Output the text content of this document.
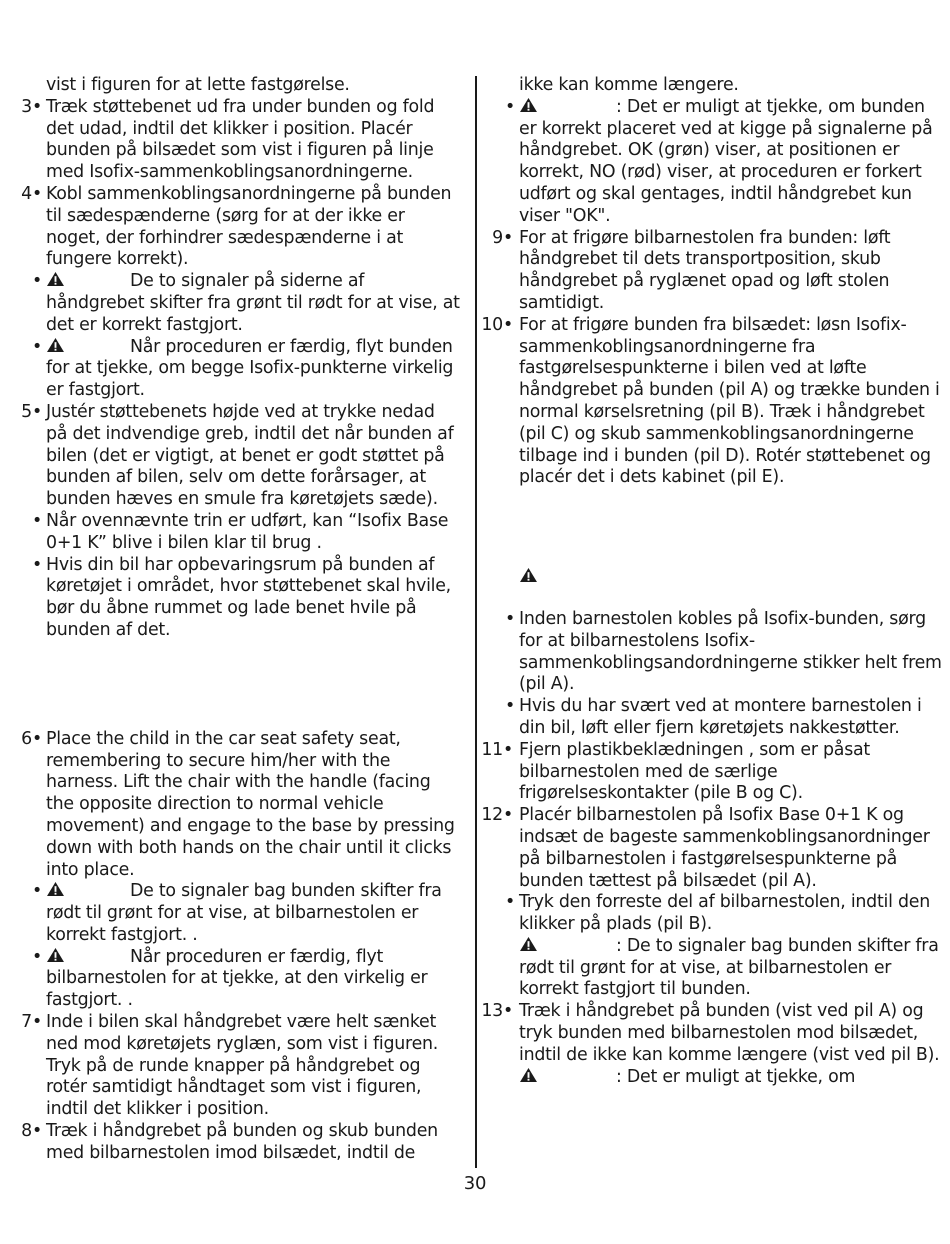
vist i figuren for at lette fastgørelse.
3• Træk støttebenet ud fra under bunden og fold det udad, indtil det klikker i position. Placér bunden på bilsædet som vist i figuren på linje med Isofix-sammenkoblingsanordningerne.
4• Kobl sammenkoblingsanordningerne på bunden til sædespænderne (sørg for at der ikke er noget, der forhindrer sædespænderne i at fungere korrekt).
•	De to signaler på siderne af håndgrebet skifter fra grønt til rødt for at vise, at det er korrekt fastgjort.
•	Når proceduren er færdig, flyt bunden for at tjekke, om begge Isofix-punkterne virkelig er fastgjort.
5• Justér støttebenets højde ved at trykke nedad på det indvendige greb, indtil det når bunden af bilen (det er vigtigt, at benet er godt støttet på bunden af bilen, selv om dette forårsager, at bunden hæves en smule fra køretøjets sæde).
• Når ovennævnte trin er udført, kan “Isofix Base 0+1 K” blive i bilen klar til brug .
• Hvis din bil har opbevaringsrum på bunden af køretøjet i området, hvor støttebenet skal hvile, bør du åbne rummet og lade benet hvile på bunden af det.
6• Place the child in the car seat safety seat, remembering to secure him/her with the harness. Lift the chair with the handle (facing the opposite direction to normal vehicle movement) and engage to the base by pressing down with both hands on the chair until it clicks into place.
•	De to signaler bag bunden skifter fra rødt til grønt for at vise, at bilbarnestolen er korrekt fastgjort. .
•	Når proceduren er færdig, flyt bilbarnestolen for at tjekke, at den virkelig er fastgjort. .
7• Inde i bilen skal håndgrebet være helt sænket ned mod køretøjets ryglæn, som vist i figuren. Tryk på de runde knapper på håndgrebet og rotér samtidigt håndtaget som vist i figuren, indtil det klikker i position.
8• Træk i håndgrebet på bunden og skub bunden med bilbarnestolen imod bilsædet, indtil de
ikke kan komme længere.
•	: Det er muligt at tjekke, om bunden er korrekt placeret ved at kigge på signalerne på håndgrebet. OK (grøn) viser, at positionen er korrekt, NO (rød) viser, at proceduren er forkert udført og skal gentages, indtil håndgrebet kun viser "OK".
9• For at frigøre bilbarnestolen fra bunden: løft håndgrebet til dets transportposition, skub håndgrebet på ryglænet opad og løft stolen samtidigt.
10• For at frigøre bunden fra bilsædet: løsn Isofix-sammenkoblingsanordningerne fra fastgørelsespunkterne i bilen ved at løfte håndgrebet på bunden (pil A) og trække bunden i normal kørselsretning (pil B). Træk i håndgrebet (pil C) og skub sammenkoblingsanordningerne tilbage ind i bunden (pil D). Rotér støttebenet og placér det i dets kabinet (pil E).
• Inden barnestolen kobles på Isofix-bunden, sørg for at bilbarnestolens Isofix-sammenkoblingsandordningerne stikker helt frem (pil A).
• Hvis du har svært ved at montere barnestolen i din bil, løft eller fjern køretøjets nakkestøtter.
11• Fjern plastikbeklædningen , som er påsat bilbarnestolen med de særlige frigørelseskontakter (pile B og C).
12• Placér bilbarnestolen på Isofix Base 0+1 K og indsæt de bageste sammenkoblingsanordninger på bilbarnestolen i fastgørelsespunkterne på bunden tættest på bilsædet (pil A).
• Tryk den forreste del af bilbarnestolen, indtil den klikker på plads (pil B).
: De to signaler bag bunden skifter fra rødt til grønt for at vise, at bilbarnestolen er korrekt fastgjort til bunden.
13• Træk i håndgrebet på bunden (vist ved pil A) og tryk bunden med bilbarnestolen mod bilsædet, indtil de ikke kan komme længere (vist ved pil B).
: Det er muligt at tjekke, om
30
